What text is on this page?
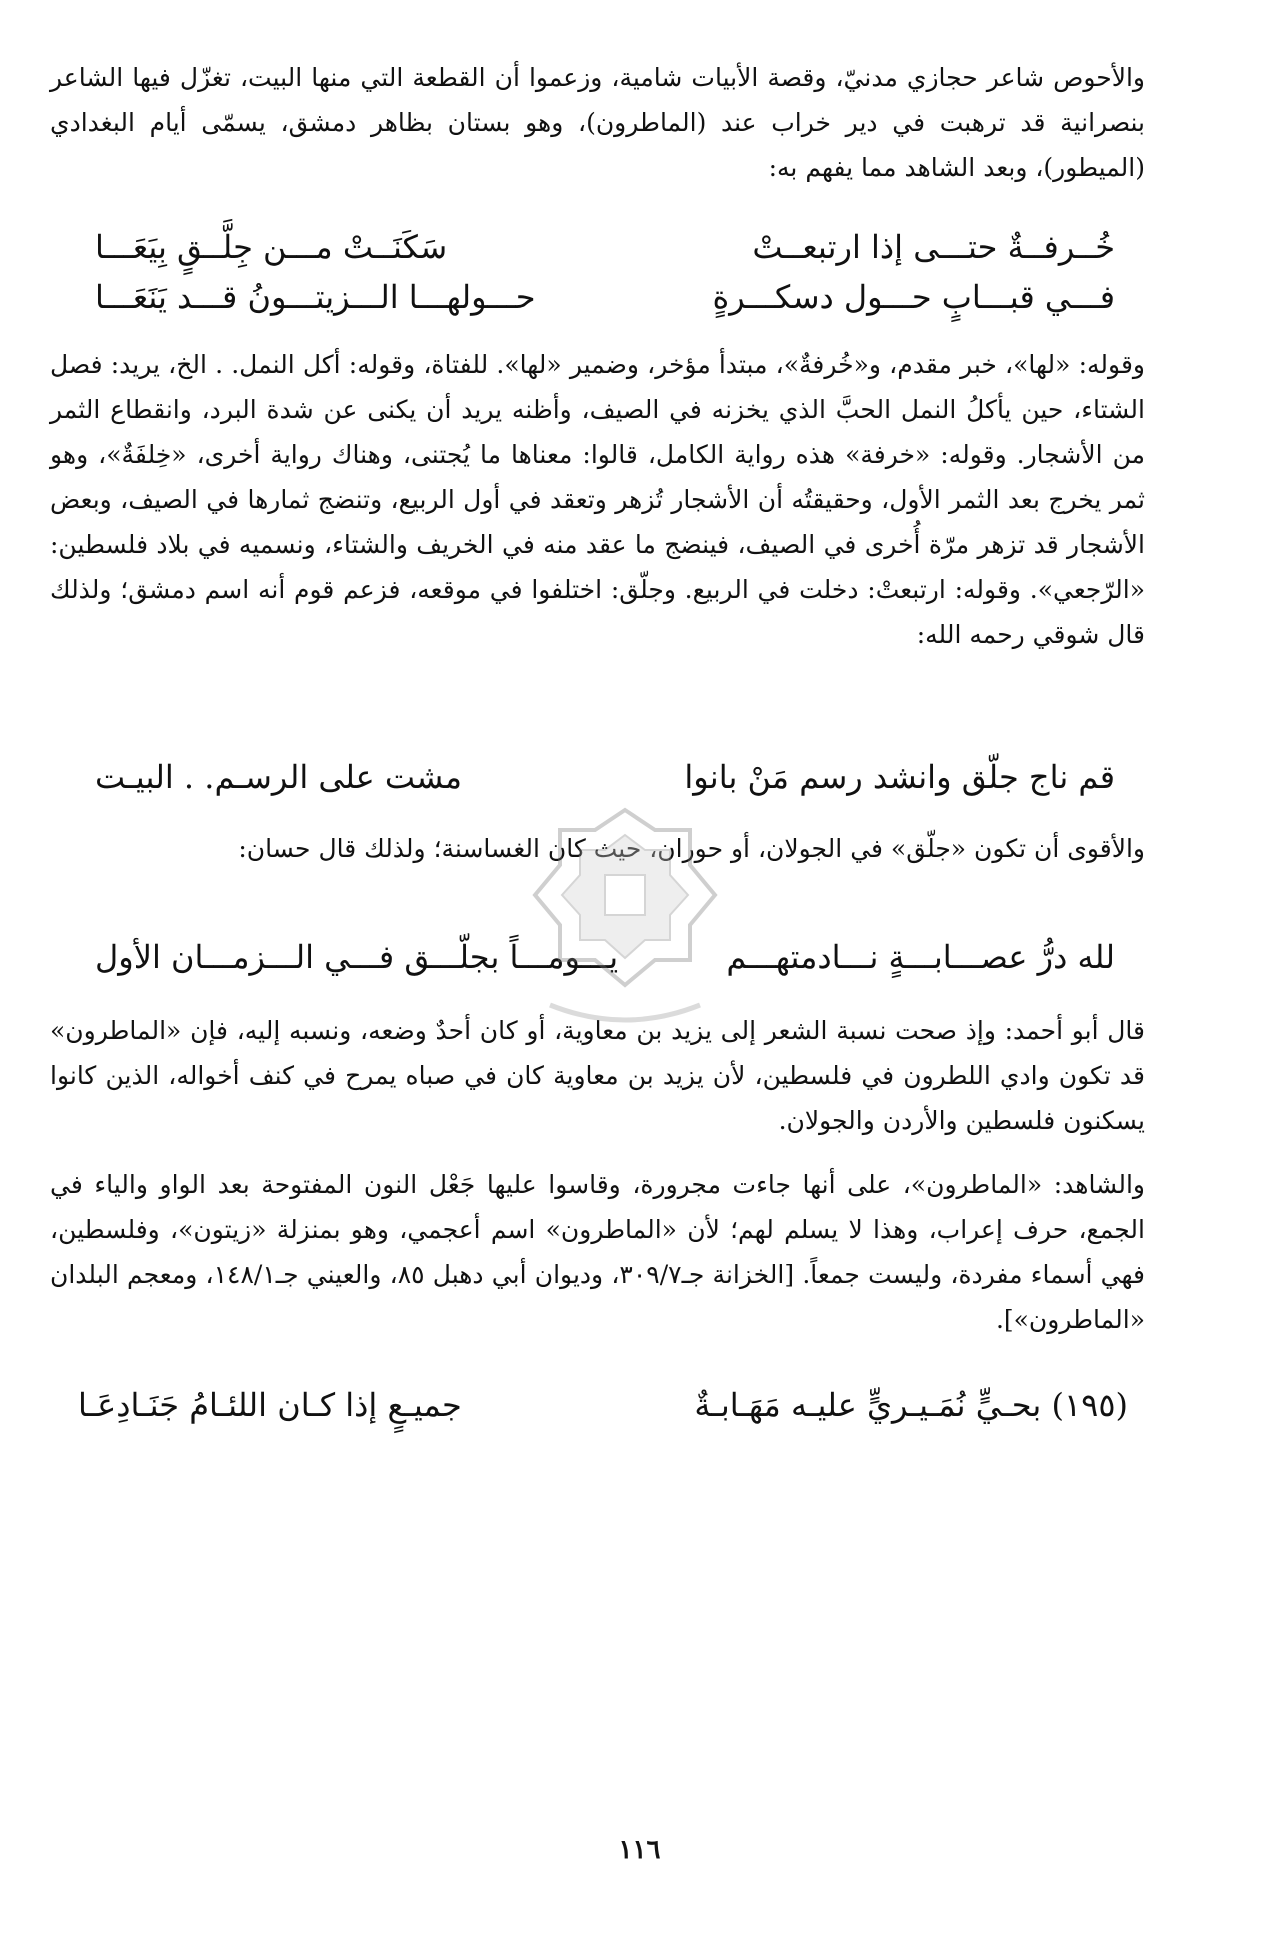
والأحوص شاعر حجازي مدنيّ، وقصة الأبيات شامية، وزعموا أن القطعة التي منها البيت، تغزّل فيها الشاعر بنصرانية قد ترهبت في دير خراب عند (الماطرون)، وهو بستان بظاهر دمشق، يسمّى أيام البغدادي (الميطور)، وبعد الشاهد مما يفهم به:

خُــرفــةٌ حتـــى إذا ارتبعــتْ
سَكَنَــتْ مـــن جِلَّــقٍ بِيَعَـــا
فـــي قبـــابٍ حـــول دسكـــرةٍ
حـــولهـــا الـــزيتـــونُ قـــد يَنَعَـــا

وقوله: «لها»، خبر مقدم، و«خُرفةٌ»، مبتدأ مؤخر، وضمير «لها». للفتاة، وقوله: أكل النمل. . الخ، يريد: فصل الشتاء، حين يأكلُ النمل الحبَّ الذي يخزنه في الصيف، وأظنه يريد أن يكنى عن شدة البرد، وانقطاع الثمر من الأشجار. وقوله: «خرفة» هذه رواية الكامل، قالوا: معناها ما يُجتنى، وهناك رواية أخرى، «خِلفَةٌ»، وهو ثمر يخرج بعد الثمر الأول، وحقيقتُه أن الأشجار تُزهر وتعقد في أول الربيع، وتنضج ثمارها في الصيف، وبعض الأشجار قد تزهر مرّة أُخرى في الصيف، فينضج ما عقد منه في الخريف والشتاء، ونسميه في بلاد فلسطين: «الرّجعي». وقوله: ارتبعتْ: دخلت في الربيع. وجلّق: اختلفوا في موقعه، فزعم قوم أنه اسم دمشق؛ ولذلك قال شوقي رحمه الله:

قم ناج جلّق وانشد رسم مَنْ بانوا
مشت على الرسـم. . البيـت

والأقوى أن تكون «جلّق» في الجولان، أو حوران، حيث كان الغساسنة؛ ولذلك قال حسان:

لله درُّ عصـــابـــةٍ نـــادمتهـــم
يـــومـــاً بجلّـــق فـــي الـــزمـــان الأول

قال أبو أحمد: وإذ صحت نسبة الشعر إلى يزيد بن معاوية، أو كان أحدٌ وضعه، ونسبه إليه، فإن «الماطرون» قد تكون وادي اللطرون في فلسطين، لأن يزيد بن معاوية كان في صباه يمرح في كنف أخواله، الذين كانوا يسكنون فلسطين والأردن والجولان.

والشاهد: «الماطرون»، على أنها جاءت مجرورة، وقاسوا عليها جَعْل النون المفتوحة بعد الواو والياء في الجمع، حرف إعراب، وهذا لا يسلم لهم؛ لأن «الماطرون» اسم أعجمي، وهو بمنزلة «زيتون»، وفلسطين، فهي أسماء مفردة، وليست جمعاً. [الخزانة جـ٣٠٩/٧، وديوان أبي دهبل ٨٥، والعيني جـ١٤٨/١، ومعجم البلدان «الماطرون»].

(١٩٥) بحـيٍّ نُمَـيـريٍّ عليـه مَهَـابـةٌ
جميـعٍ إذا كـان اللئـامُ جَنَـادِعَـا
١١٦
